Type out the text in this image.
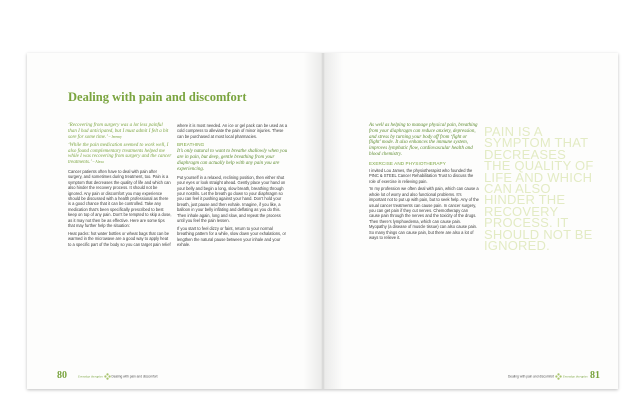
Dealing with pain and discomfort

‘Recovering from surgery was a lot less painful than I had anticipated, but I must admit I felt a bit sore for some time.’ ~ Jeremy

‘While the pain medication seemed to work well, I also found complementary treatments helped me while I was recovering from surgery and the cancer treatments.’ ~ Alexa

Cancer patients often have to deal with pain after surgery, and sometimes during treatment, too. Pain is a symptom that decreases the quality of life and which can also hinder the recovery process. It should not be ignored. Any pain or discomfort you may experience should be discussed with a health professional as there is a good chance that it can be controlled. Take any medication that’s been specifically prescribed to best keep on top of any pain. Don’t be tempted to skip a dose, as it may not then be as effective. Here are some tips that may further help the situation:

Heat packs: hot water bottles or wheat bags that can be warmed in the microwave are a good way to apply heat to a specific part of the body so you can target pain relief

where it is most needed. An ice or gel pack can be used as a cold compress to alleviate the pain of minor injuries. These can be purchased at most local pharmacies.

BREATHING

It’s only natural to want to breathe shallowly when you are in pain, but deep, gentle breathing from your diaphragm can actually help with any pain you are experiencing.

Put yourself in a relaxed, reclining position, then either shut your eyes or look straight ahead. Gently place your hand on your belly and begin a long, slow breath, breathing through your nostrils. Let the breath go down to your diaphragm so you can feel it pushing against your hand. Don’t hold your breath, just pause and then exhale. Imagine, if you like, a balloon in your belly inflating and deflating as you do this. Then inhale again, long and slow, and repeat the process until you feel the pain lessen.

If you start to feel dizzy or faint, return to your normal breathing pattern for a while, slow down your exhalations, or lengthen the natural pause between your inhale and your exhale.

80	Everyday therapies	Dealing with pain and discomfort

As well as helping to manage physical pain, breathing from your diaphragm can reduce anxiety, depression, and stress by turning your body off from ‘fight or flight’ mode. It also enhances the immune system, improves lymphatic flow, cardiovascular health and blood chemistry.

EXERCISE AND PHYSIOTHERAPY

I invited Lou James, the physiotherapist who founded the PINC & STEEL Cancer Rehabilitation Trust to discuss the role of exercise in relieving pain.

‘In my profession we often deal with pain, which can cause a whole lot of worry and also functional problems. It’s important not to put up with pain, but to seek help. Any of the usual cancer treatments can cause pain. In cancer surgery, you can get pain if they cut nerves. Chemotherapy can cause pain through the nerves and the toxicity of the drugs. Then there’s lymphoedema, which can cause pain. Myopathy (a disease of muscle tissue) can also cause pain. So many things can cause pain, but there are also a lot of ways to relieve it.

PAIN IS A SYMPTOM THAT DECREASES THE QUALITY OF LIFE AND WHICH CAN ALSO HINDER THE RECOVERY PROCESS. IT SHOULD NOT BE IGNORED.

Dealing with pain and discomfort	Everyday therapies 81
